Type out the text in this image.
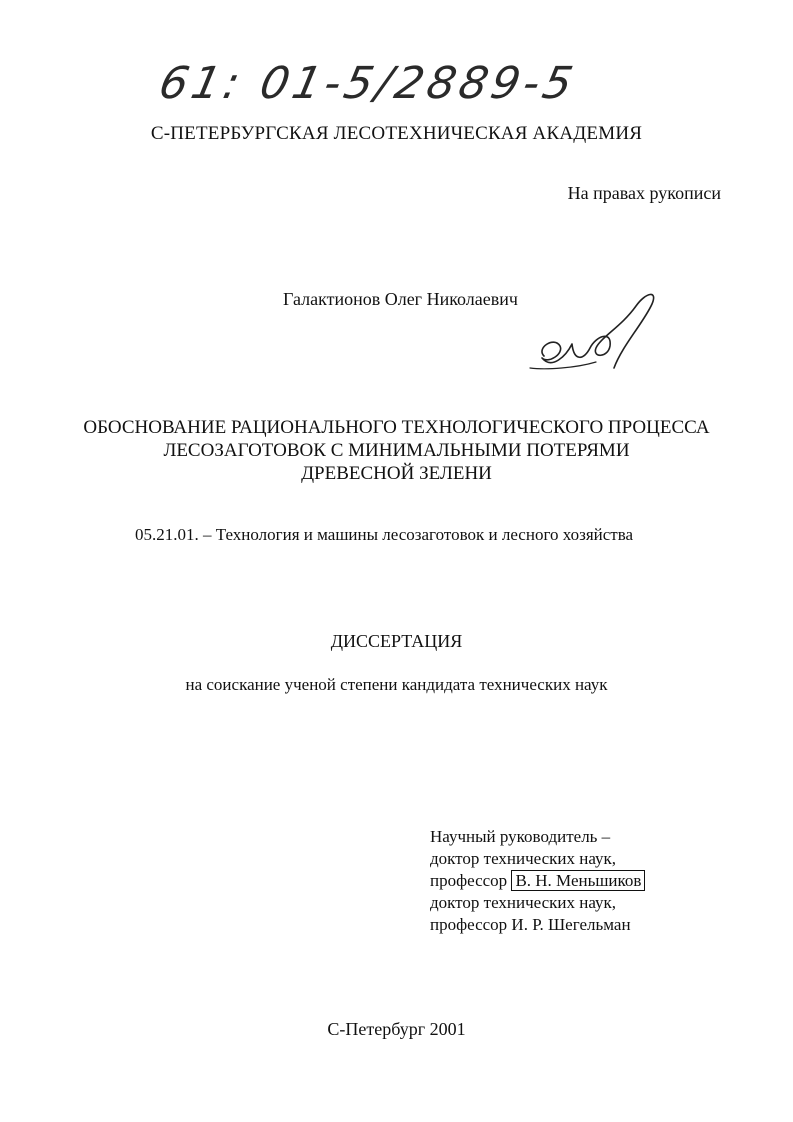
61: 01-5/2889-5

С-ПЕТЕРБУРГСКАЯ ЛЕСОТЕХНИЧЕСКАЯ АКАДЕМИЯ

На правах рукописи

Галактионов Олег Николаевич

ОБОСНОВАНИЕ РАЦИОНАЛЬНОГО ТЕХНОЛОГИЧЕСКОГО ПРОЦЕССА
ЛЕСОЗАГОТОВОК С МИНИМАЛЬНЫМИ ПОТЕРЯМИ
ДРЕВЕСНОЙ ЗЕЛЕНИ

05.21.01. – Технология и машины лесозаготовок и лесного хозяйства

ДИССЕРТАЦИЯ

на соискание ученой степени кандидата технических наук

Научный руководитель –
доктор технических наук,
профессор В. Н. Меньшиков
доктор технических наук,
профессор И. Р. Шегельман

С-Петербург 2001
